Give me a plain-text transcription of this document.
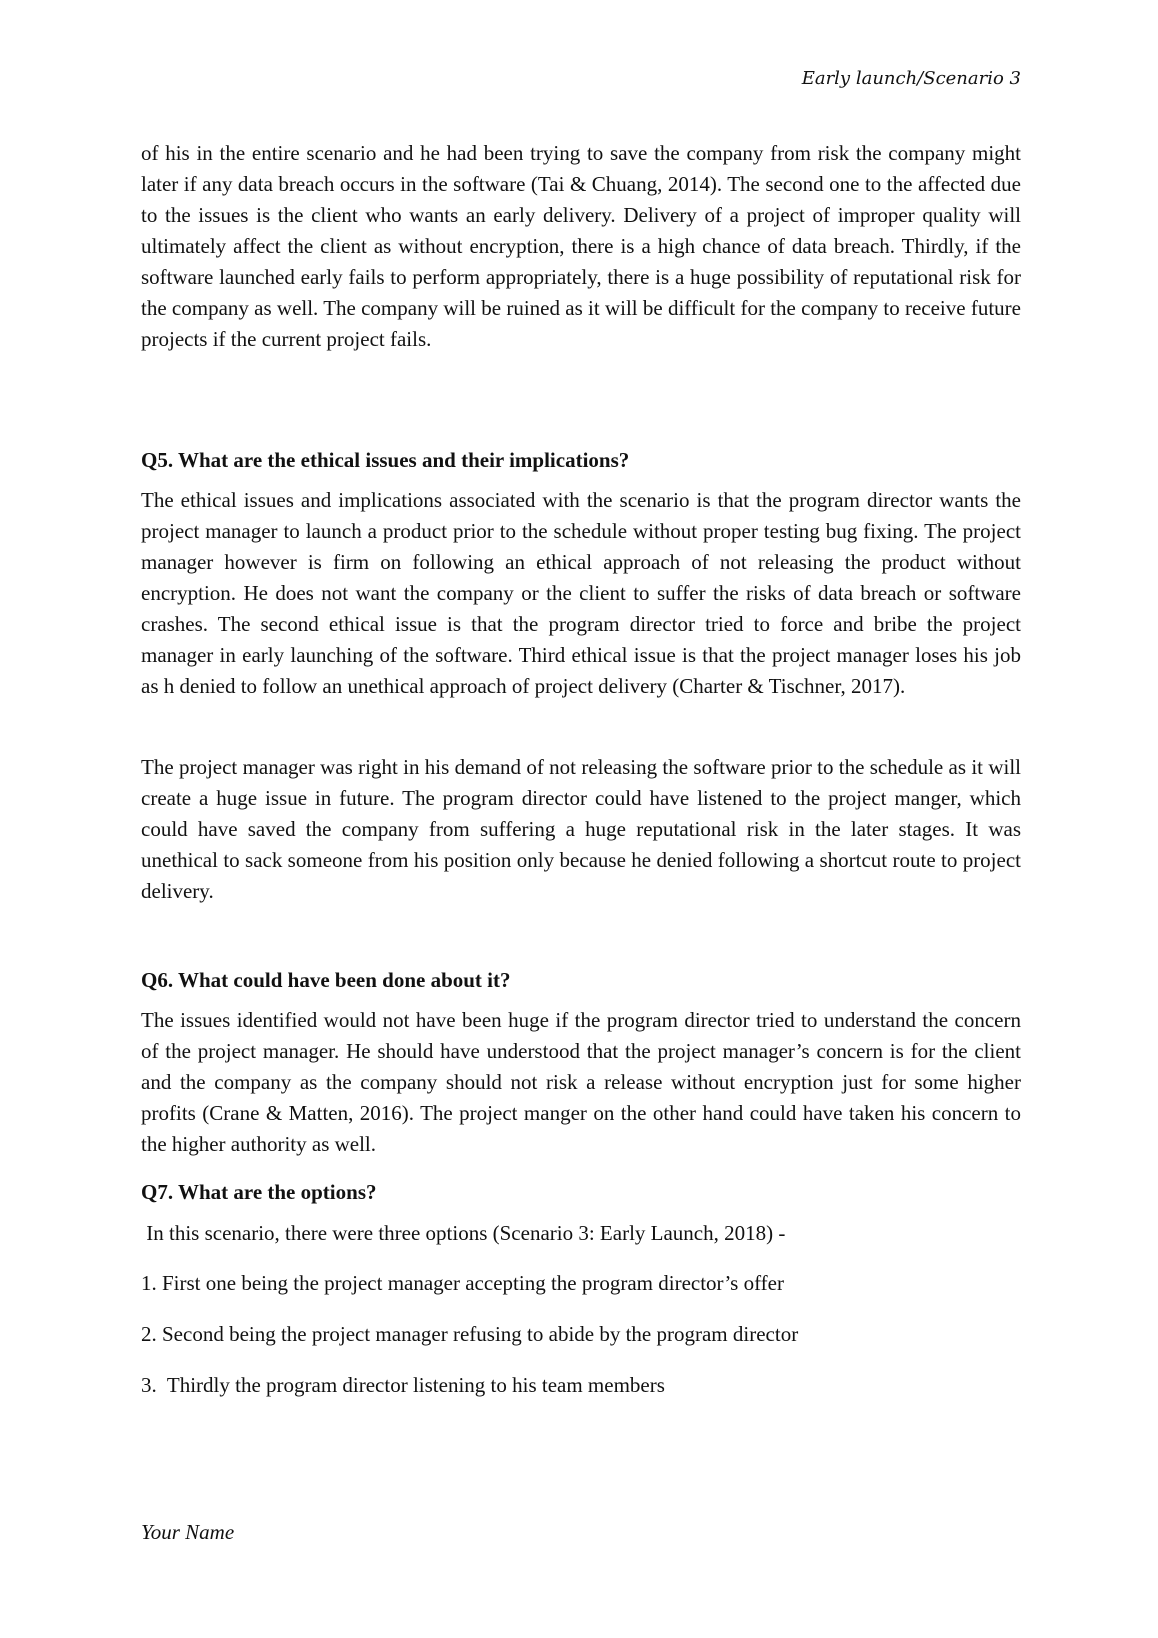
Early launch/Scenario 3

of his in the entire scenario and he had been trying to save the company from risk the company might later if any data breach occurs in the software (Tai & Chuang, 2014). The second one to the affected due to the issues is the client who wants an early delivery. Delivery of a project of improper quality will ultimately affect the client as without encryption, there is a high chance of data breach. Thirdly, if the software launched early fails to perform appropriately, there is a huge possibility of reputational risk for the company as well. The company will be ruined as it will be difficult for the company to receive future projects if the current project fails.

Q5. What are the ethical issues and their implications?

The ethical issues and implications associated with the scenario is that the program director wants the project manager to launch a product prior to the schedule without proper testing bug fixing. The project manager however is firm on following an ethical approach of not releasing the product without encryption. He does not want the company or the client to suffer the risks of data breach or software crashes. The second ethical issue is that the program director tried to force and bribe the project manager in early launching of the software. Third ethical issue is that the project manager loses his job as h denied to follow an unethical approach of project delivery (Charter & Tischner, 2017).

The project manager was right in his demand of not releasing the software prior to the schedule as it will create a huge issue in future. The program director could have listened to the project manger, which could have saved the company from suffering a huge reputational risk in the later stages. It was unethical to sack someone from his position only because he denied following a shortcut route to project delivery.

Q6. What could have been done about it?

The issues identified would not have been huge if the program director tried to understand the concern of the project manager. He should have understood that the project manager’s concern is for the client and the company as the company should not risk a release without encryption just for some higher profits (Crane & Matten, 2016). The project manger on the other hand could have taken his concern to the higher authority as well.

Q7. What are the options?

In this scenario, there were three options (Scenario 3: Early Launch, 2018) -

1. First one being the project manager accepting the program director’s offer

2. Second being the project manager refusing to abide by the program director

3.  Thirdly the program director listening to his team members

Your Name
